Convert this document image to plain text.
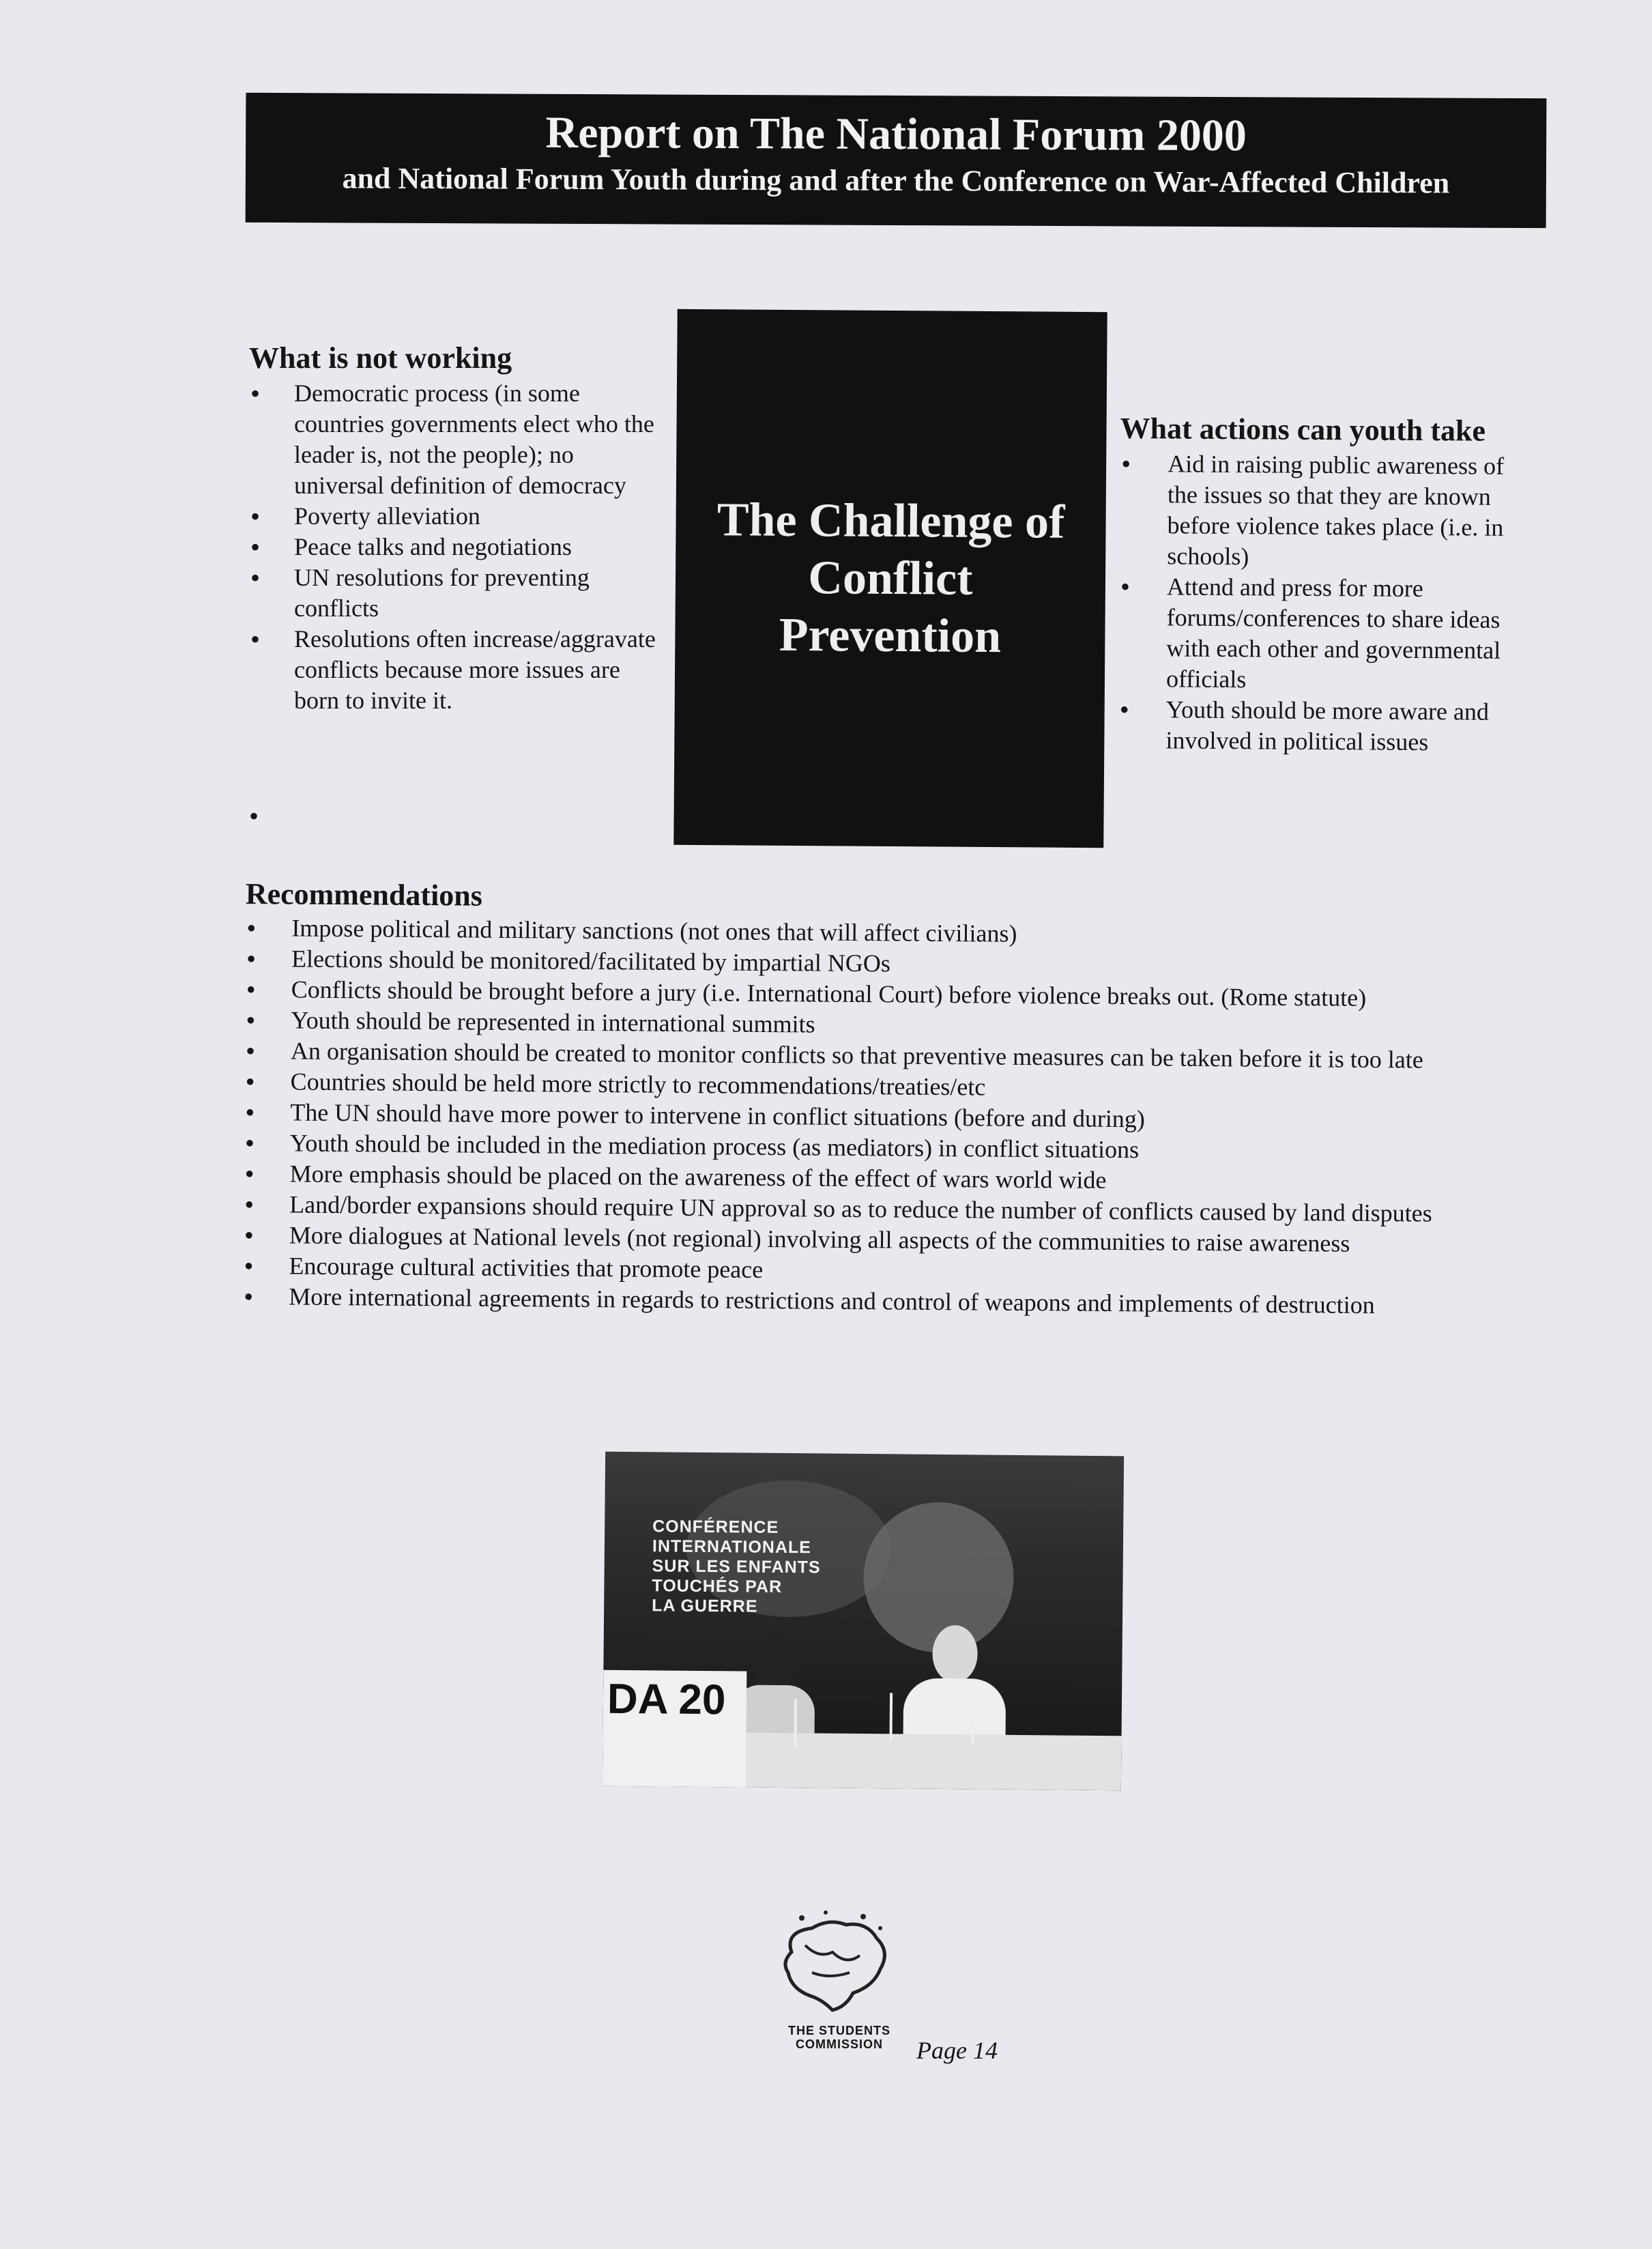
Report on The National Forum 2000
and National Forum Youth during and after the Conference on War-Affected Children
What is not working
• Democratic process (in some countries governments elect who the leader is, not the people); no universal definition of democracy
• Poverty alleviation
• Peace talks and negotiations
• UN resolutions for preventing conflicts
• Resolutions often increase/aggravate conflicts because more issues are born to invite it.
•
The Challenge of Conflict Prevention
What actions can youth take
• Aid in raising public awareness of the issues so that they are known before violence takes place (i.e. in schools)
• Attend and press for more forums/conferences to share ideas with each other and governmental officials
• Youth should be more aware and involved in political issues
Recommendations
• Impose political and military sanctions (not ones that will affect civilians)
• Elections should be monitored/facilitated by impartial NGOs
• Conflicts should be brought before a jury (i.e. International Court) before violence breaks out. (Rome statute)
• Youth should be represented in international summits
• An organisation should be created to monitor conflicts so that preventive measures can be taken before it is too late
• Countries should be held more strictly to recommendations/treaties/etc
• The UN should have more power to intervene in conflict situations (before and during)
• Youth should be included in the mediation process (as mediators) in conflict situations
• More emphasis should be placed on the awareness of the effect of wars world wide
• Land/border expansions should require UN approval so as to reduce the number of conflicts caused by land disputes
• More dialogues at National levels (not regional) involving all aspects of the communities to raise awareness
• Encourage cultural activities that promote peace
• More international agreements in regards to restrictions and control of weapons and implements of destruction
CONFÉRENCE
INTERNATIONALE
SUR LES ENFANTS
TOUCHÉS PAR
LA GUERRE
DA 20
THE STUDENTS
COMMISSION	Page 14
